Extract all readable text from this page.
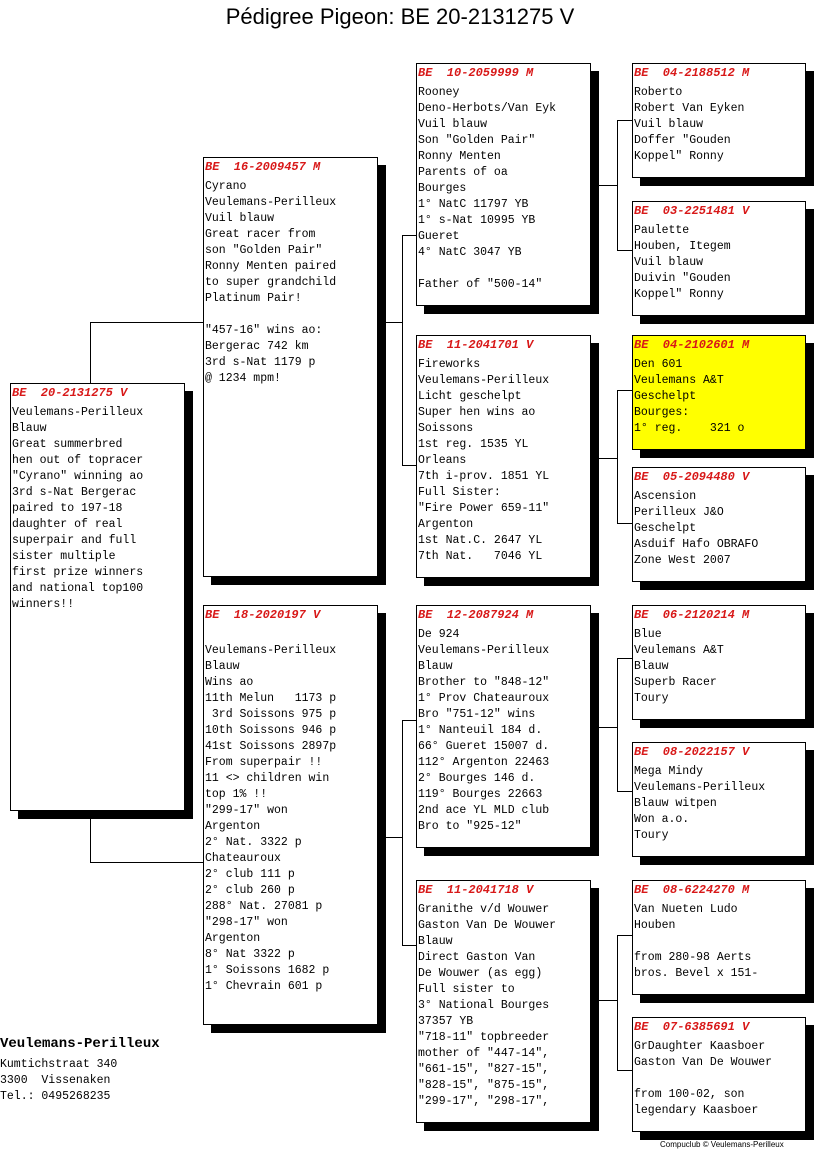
Pédigree Pigeon: BE 20-2131275 V
BE  20-2131275 V
Veulemans-Perilleux
Blauw
Great summerbred
hen out of topracer
"Cyrano" winning ao
3rd s-Nat Bergerac
paired to 197-18
daughter of real
superpair and full
sister multiple
first prize winners
and national top100
winners!!
BE  16-2009457 M
Cyrano
Veulemans-Perilleux
Vuil blauw
Great racer from
son "Golden Pair"
Ronny Menten paired
to super grandchild
Platinum Pair!
"457-16" wins ao:
Bergerac 742 km
3rd s-Nat 1179 p
@ 1234 mpm!
BE  18-2020197 V
Veulemans-Perilleux
Blauw
Wins ao
11th Melun   1173 p
3rd Soissons 975 p
10th Soissons 946 p
41st Soissons 2897p
From superpair !!
11 <> children win
top 1% !!
"299-17" won
Argenton
2° Nat. 3322 p
Chateauroux
2° club 111 p
2° club 260 p
288° Nat. 27081 p
"298-17" won
Argenton
8° Nat 3322 p
1° Soissons 1682 p
1° Chevrain 601 p
BE  10-2059999 M
Rooney
Deno-Herbots/Van Eyk
Vuil blauw
Son "Golden Pair"
Ronny Menten
Parents of oa
Bourges
1° NatC 11797 YB
1° s-Nat 10995 YB
Gueret
4° NatC 3047 YB
Father of "500-14"
BE  11-2041701 V
Fireworks
Veulemans-Perilleux
Licht geschelpt
Super hen wins ao
Soissons
1st reg. 1535 YL
Orleans
7th i-prov. 1851 YL
Full Sister:
"Fire Power 659-11"
Argenton
1st Nat.C. 2647 YL
7th Nat.   7046 YL
BE  12-2087924 M
De 924
Veulemans-Perilleux
Blauw
Brother to "848-12"
1° Prov Chateauroux
Bro "751-12" wins
1° Nanteuil 184 d.
66° Gueret 15007 d.
112° Argenton 22463
2° Bourges 146 d.
119° Bourges 22663
2nd ace YL MLD club
Bro to "925-12"
BE  11-2041718 V
Granithe v/d Wouwer
Gaston Van De Wouwer
Blauw
Direct Gaston Van
De Wouwer (as egg)
Full sister to
3° National Bourges
37357 YB
"718-11" topbreeder
mother of "447-14",
"661-15", "827-15",
"828-15", "875-15",
"299-17", "298-17",
BE  04-2188512 M
Roberto
Robert Van Eyken
Vuil blauw
Doffer "Gouden
Koppel" Ronny
BE  03-2251481 V
Paulette
Houben, Itegem
Vuil blauw
Duivin "Gouden
Koppel" Ronny
BE  04-2102601 M
Den 601
Veulemans A&T
Geschelpt
Bourges:
1° reg.    321 o
BE  05-2094480 V
Ascension
Perilleux J&O
Geschelpt
Asduif Hafo OBRAFO
Zone West 2007
BE  06-2120214 M
Blue
Veulemans A&T
Blauw
Superb Racer
Toury
BE  08-2022157 V
Mega Mindy
Veulemans-Perilleux
Blauw witpen
Won a.o.
Toury
BE  08-6224270 M
Van Nueten Ludo
Houben
from 280-98 Aerts
bros. Bevel x 151-
BE  07-6385691 V
GrDaughter Kaasboer
Gaston Van De Wouwer
from 100-02, son
legendary Kaasboer
Veulemans-Perilleux
Kumtichstraat 340
3300  Vissenaken
Tel.: 0495268235
Compuclub © Veulemans-Perilleux
